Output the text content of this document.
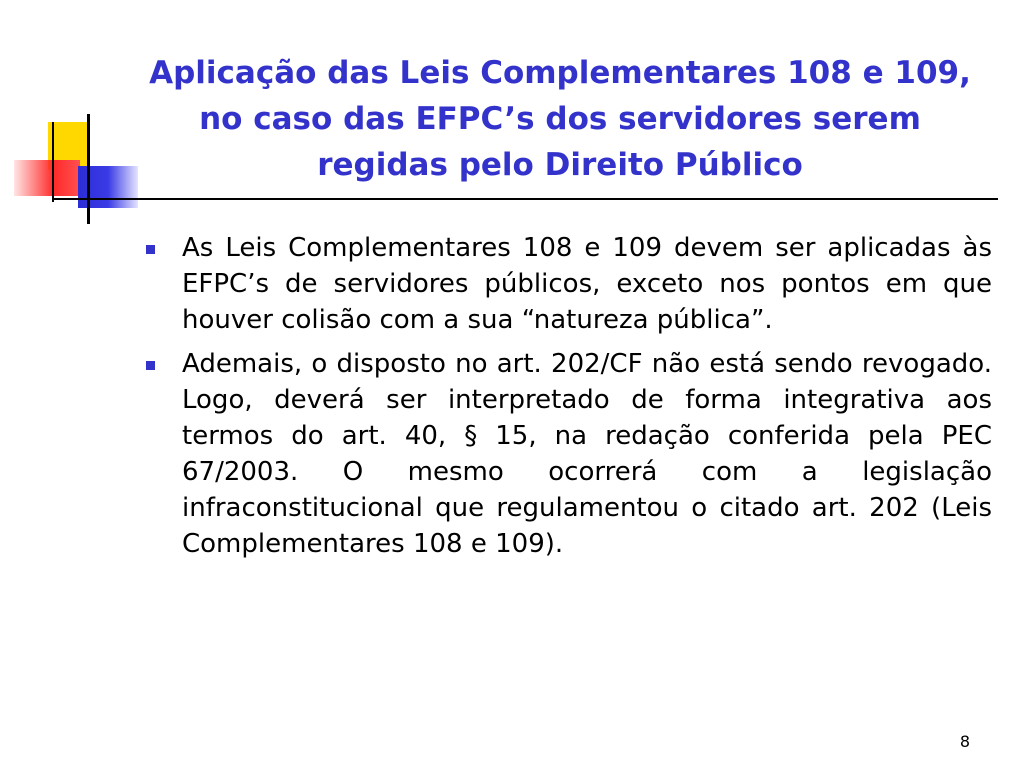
Aplicação das Leis Complementares 108 e 109, no caso das EFPC’s dos servidores serem regidas pelo Direito Público
As Leis Complementares 108 e 109 devem ser aplicadas às EFPC’s de servidores públicos, exceto nos pontos em que houver colisão com a sua “natureza pública”.
Ademais, o disposto no art. 202/CF não está sendo revogado. Logo, deverá ser interpretado de forma integrativa aos termos do art. 40, § 15, na redação conferida pela PEC 67/2003. O mesmo ocorrerá com a legislação infraconstitucional que regulamentou o citado art. 202 (Leis Complementares 108 e 109).
8
